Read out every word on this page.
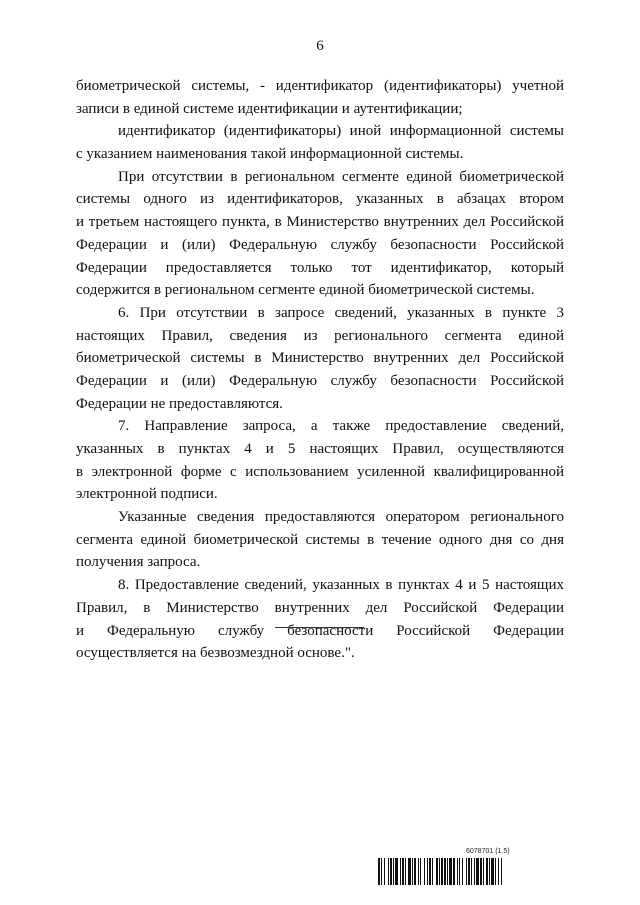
6
биометрической системы, - идентификатор (идентификаторы) учетной
записи в единой системе идентификации и аутентификации;
идентификатор (идентификаторы) иной информационной системы
с указанием наименования такой информационной системы.
При отсутствии в региональном сегменте единой биометрической
системы одного из идентификаторов, указанных в абзацах втором
и третьем настоящего пункта, в Министерство внутренних дел Российской
Федерации и (или) Федеральную службу безопасности Российской
Федерации предоставляется только тот идентификатор, который
содержится в региональном сегменте единой биометрической системы.
6. При отсутствии в запросе сведений, указанных в пункте 3
настоящих Правил, сведения из регионального сегмента единой
биометрической системы в Министерство внутренних дел Российской
Федерации и (или) Федеральную службу безопасности Российской
Федерации не предоставляются.
7. Направление запроса, а также предоставление сведений,
указанных в пунктах 4 и 5 настоящих Правил, осуществляются
в электронной форме с использованием усиленной квалифицированной
электронной подписи.
Указанные сведения предоставляются оператором регионального
сегмента единой биометрической системы в течение одного дня со дня
получения запроса.
8. Предоставление сведений, указанных в пунктах 4 и 5 настоящих
Правил, в Министерство внутренних дел Российской Федерации
и Федеральную службу безопасности Российской Федерации
осуществляется на безвозмездной основе.".
6078701 (1.5)
